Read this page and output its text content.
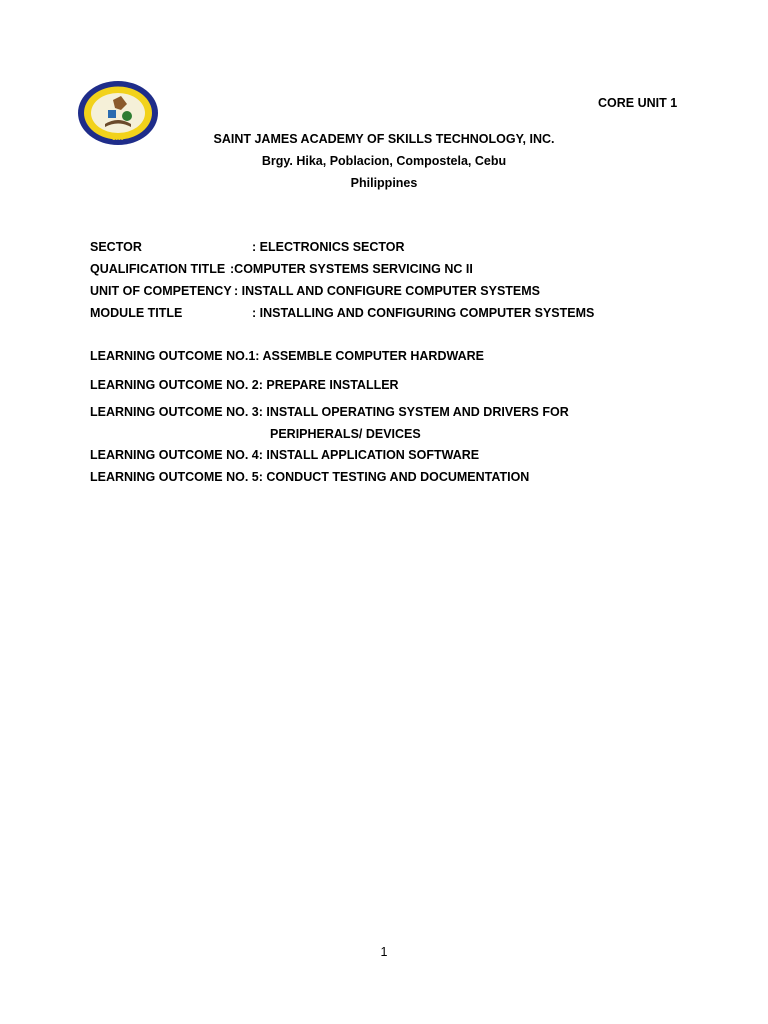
2009
CORE UNIT 1
SAINT JAMES ACADEMY OF SKILLS TECHNOLOGY, INC.
Brgy. Hika, Poblacion, Compostela, Cebu
Philippines
SECTOR	: ELECTRONICS SECTOR
QUALIFICATION TITLE :COMPUTER SYSTEMS SERVICING NC II
UNIT OF COMPETENCY : INSTALL AND CONFIGURE COMPUTER SYSTEMS
MODULE TITLE	: INSTALLING AND CONFIGURING COMPUTER SYSTEMS
LEARNING OUTCOME NO.1: ASSEMBLE COMPUTER HARDWARE
LEARNING OUTCOME NO. 2: PREPARE INSTALLER
LEARNING OUTCOME NO. 3: INSTALL OPERATING SYSTEM AND DRIVERS FOR
PERIPHERALS/ DEVICES
LEARNING OUTCOME NO. 4: INSTALL APPLICATION SOFTWARE
LEARNING OUTCOME NO. 5: CONDUCT TESTING AND DOCUMENTATION
1
